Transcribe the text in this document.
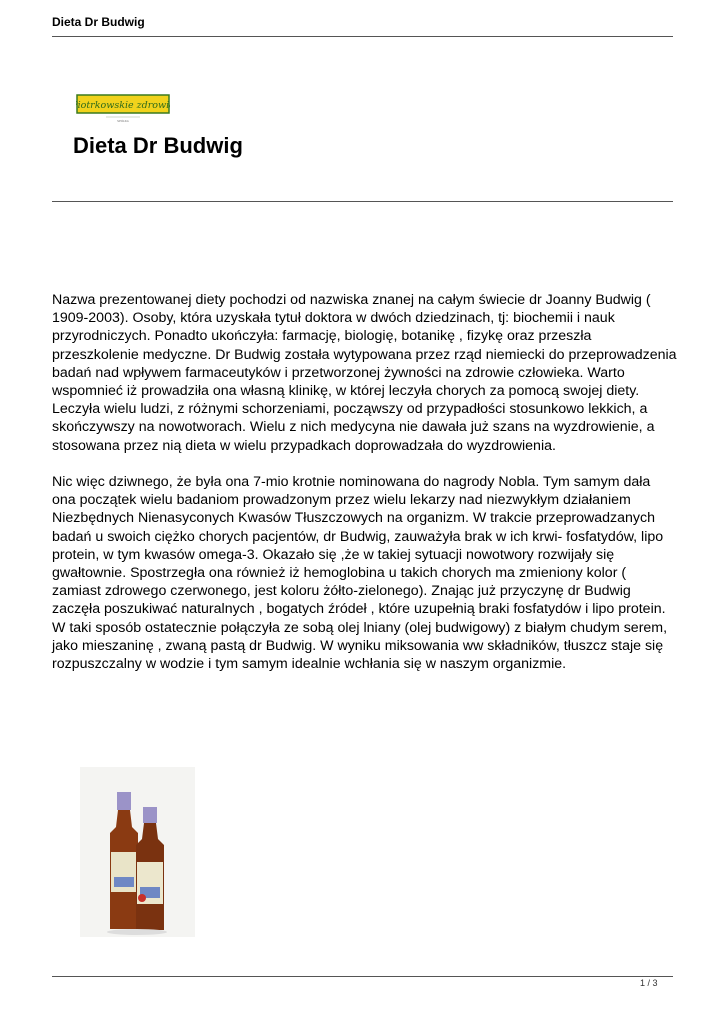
Dieta Dr Budwig
Piotrkowskie zdrowie
SPÓŁKA
Dieta Dr Budwig

Nazwa prezentowanej diety pochodzi od nazwiska znanej na całym świecie dr Joanny Budwig ( 1909-2003). Osoby, która uzyskała tytuł doktora w dwóch dziedzinach, tj: biochemii i nauk przyrodniczych. Ponadto ukończyła: farmację, biologię, botanikę , fizykę oraz przeszła przeszkolenie medyczne. Dr Budwig została wytypowana przez rząd niemiecki do przeprowadzenia badań nad wpływem farmaceutyków i przetworzonej żywności na zdrowie człowieka. Warto wspomnieć iż prowadziła ona własną klinikę, w której leczyła chorych za pomocą swojej diety. Leczyła wielu ludzi, z różnymi schorzeniami, począwszy od przypadłości stosunkowo lekkich, a skończywszy na nowotworach. Wielu z nich medycyna nie dawała już szans na wyzdrowienie, a stosowana przez nią dieta w wielu przypadkach doprowadzała do wyzdrowienia.

Nic więc dziwnego, że była ona 7-mio krotnie nominowana do nagrody Nobla. Tym samym dała ona początek wielu badaniom prowadzonym przez wielu lekarzy nad niezwykłym działaniem Niezbędnych Nienasyconych Kwasów Tłuszczowych na organizm. W trakcie przeprowadzanych badań u swoich ciężko chorych pacjentów, dr Budwig, zauważyła brak w ich krwi- fosfatydów, lipo protein, w tym kwasów omega-3. Okazało się ,że w takiej sytuacji nowotwory rozwijały się gwałtownie. Spostrzegła ona również iż hemoglobina u takich chorych ma zmieniony kolor ( zamiast zdrowego czerwonego, jest koloru żółto-zielonego). Znając już przyczynę dr Budwig zaczęła poszukiwać naturalnych , bogatych źródeł , które uzupełnią braki fosfatydów i lipo protein. W taki sposób ostatecznie połączyła ze sobą olej lniany (olej budwigowy) z białym chudym serem, jako mieszaninę , zwaną pastą dr Budwig. W wyniku miksowania ww składników, tłuszcz staje się rozpuszczalny w wodzie i tym samym idealnie wchłania się w naszym organizmie.

1 / 3
